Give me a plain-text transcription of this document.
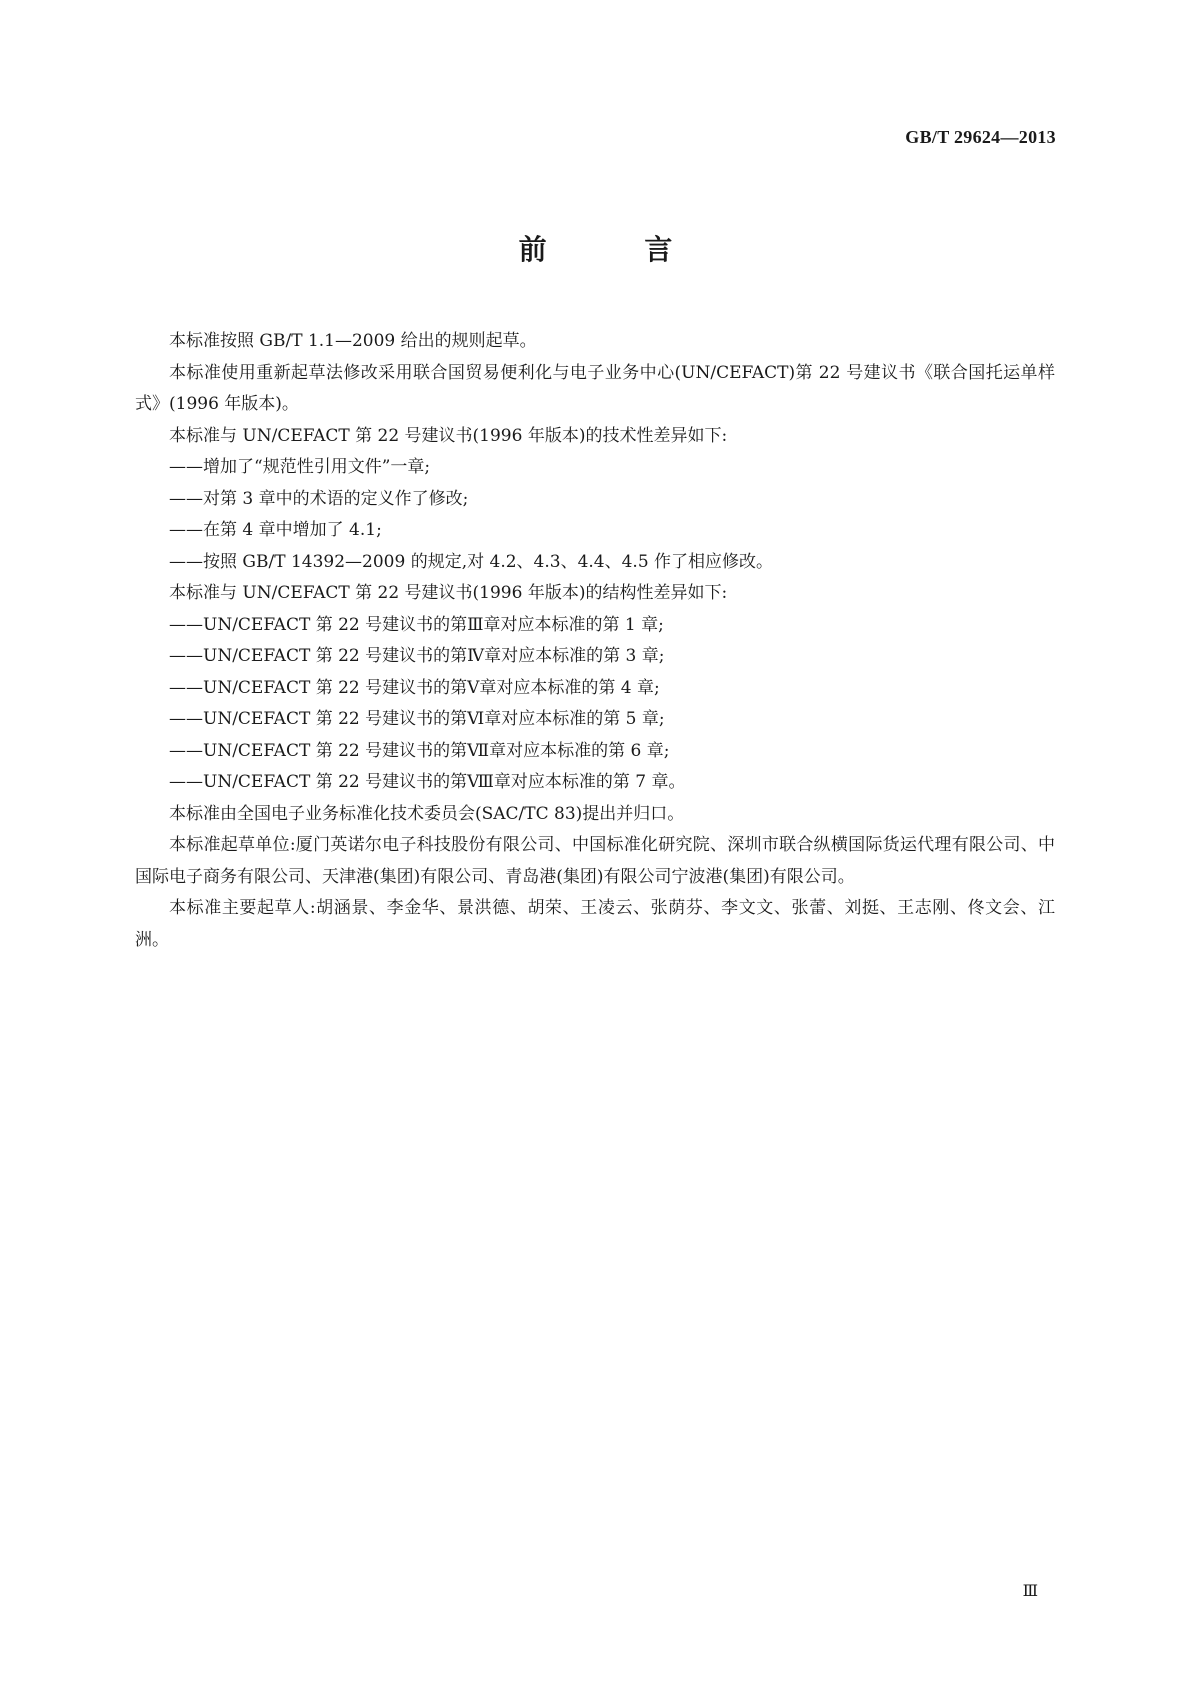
GB/T 29624—2013
前 言

本标准按照 GB/T 1.1—2009 给出的规则起草。

本标准使用重新起草法修改采用联合国贸易便利化与电子业务中心(UN/CEFACT)第 22 号建议书《联合国托运单样式》(1996 年版本)。

本标准与 UN/CEFACT 第 22 号建议书(1996 年版本)的技术性差异如下:

——增加了“规范性引用文件”一章;

——对第 3 章中的术语的定义作了修改;

——在第 4 章中增加了 4.1;

——按照 GB/T 14392—2009 的规定,对 4.2、4.3、4.4、4.5 作了相应修改。

本标准与 UN/CEFACT 第 22 号建议书(1996 年版本)的结构性差异如下:

——UN/CEFACT 第 22 号建议书的第Ⅲ章对应本标准的第 1 章;

——UN/CEFACT 第 22 号建议书的第Ⅳ章对应本标准的第 3 章;

——UN/CEFACT 第 22 号建议书的第Ⅴ章对应本标准的第 4 章;

——UN/CEFACT 第 22 号建议书的第Ⅵ章对应本标准的第 5 章;

——UN/CEFACT 第 22 号建议书的第Ⅶ章对应本标准的第 6 章;

——UN/CEFACT 第 22 号建议书的第Ⅷ章对应本标准的第 7 章。

本标准由全国电子业务标准化技术委员会(SAC/TC 83)提出并归口。

本标准起草单位:厦门英诺尔电子科技股份有限公司、中国标准化研究院、深圳市联合纵横国际货运代理有限公司、中国际电子商务有限公司、天津港(集团)有限公司、青岛港(集团)有限公司宁波港(集团)有限公司。

本标准主要起草人:胡涵景、李金华、景洪德、胡荣、王凌云、张荫芬、李文文、张蕾、刘挺、王志刚、佟文会、江洲。

Ⅲ
